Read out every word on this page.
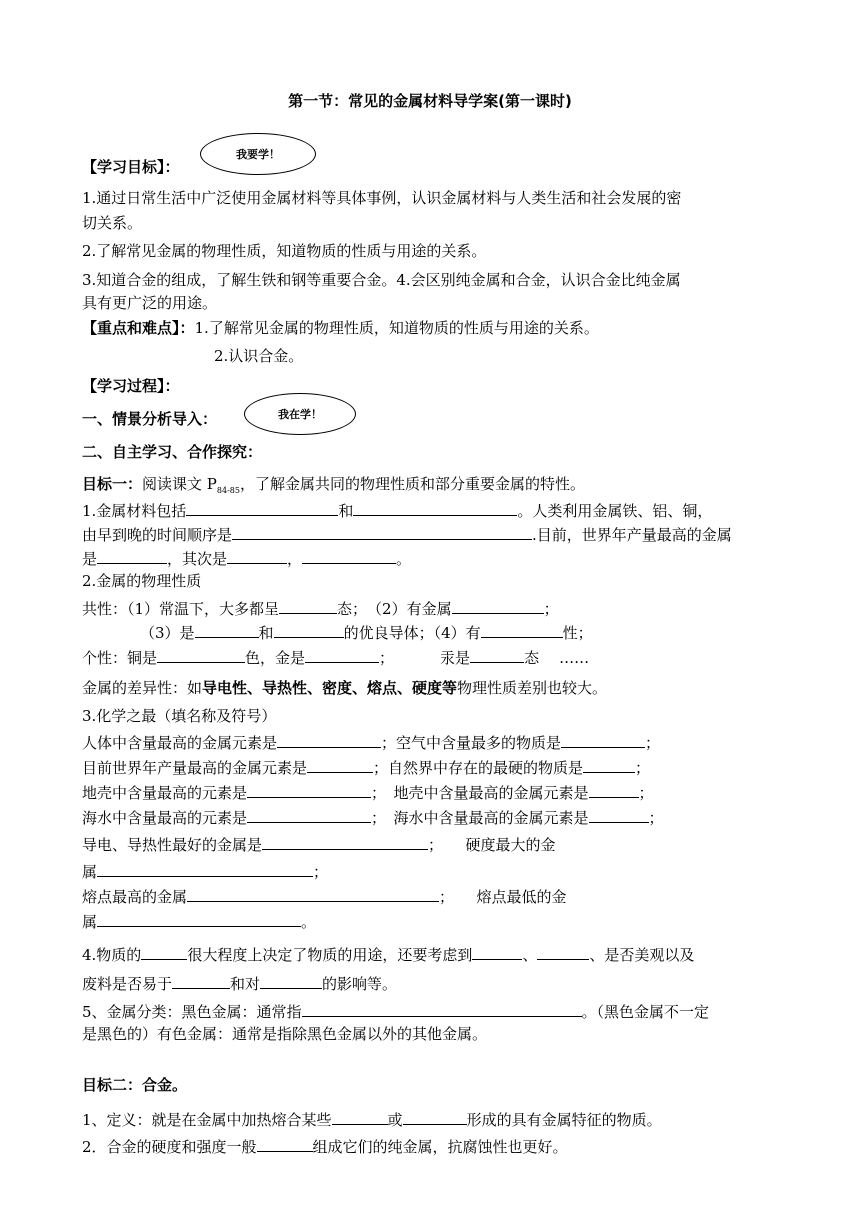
第一节：常见的金属材料导学案(第一课时)
我要学！
【学习目标】：
1.通过日常生活中广泛使用金属材料等具体事例，认识金属材料与人类生活和社会发展的密
切关系。
2.了解常见金属的物理性质，知道物质的性质与用途的关系。
3.知道合金的组成，了解生铁和钢等重要合金。4.会区别纯金属和合金，认识合金比纯金属
具有更广泛的用途。
【重点和难点】：1.了解常见金属的物理性质，知道物质的性质与用途的关系。
2.认识合金。
【学习过程】：
一、情景分析导入：	我在学！
二、自主学习、合作探究：
目标一：阅读课文 $P_{84-85}$，了解金属共同的物理性质和部分重要金属的特性。
1.金属材料包括	和	。人类利用金属铁、铝、铜，
由早到晚的时间顺序是	.目前，世界年产量最高的金属
是	，其次是	，	。
2.金属的物理性质
共性：（1）常温下，大多都呈	态；　（2）有金属	；
（3）是	和	的优良导体；（4）有	性；
个性：铜是	色，金是	；	汞是	态 ……
金属的差异性：如导电性、导热性、密度、熔点、硬度等物理性质差别也较大。
3.化学之最（填名称及符号）
人体中含量最高的金属元素是	；空气中含量最多的物质是	；
目前世界年产量最高的金属元素是	；自然界中存在的最硬的物质是	；
地壳中含量最高的元素是	；　地壳中含量最高的金属元素是	；
海水中含量最高的元素是	；　海水中含量最高的金属元素是	；
导电、导热性最好的金属是	；　　硬度最大的金
属	；
熔点最高的金属	；　　熔点最低的金
属	。
4.物质的	很大程度上决定了物质的用途，还要考虑到	、	、是否美观以及
废料是否易于	和对	的影响等。
5、金属分类：黑色金属：通常指	。（黑色金属不一定
是黑色的）有色金属：通常是指除黑色金属以外的其他金属。
目标二：合金。
1、定义：就是在金属中加热熔合某些	或	形成的具有金属特征的物质。
2．合金的硬度和强度一般	组成它们的纯金属，抗腐蚀性也更好。
